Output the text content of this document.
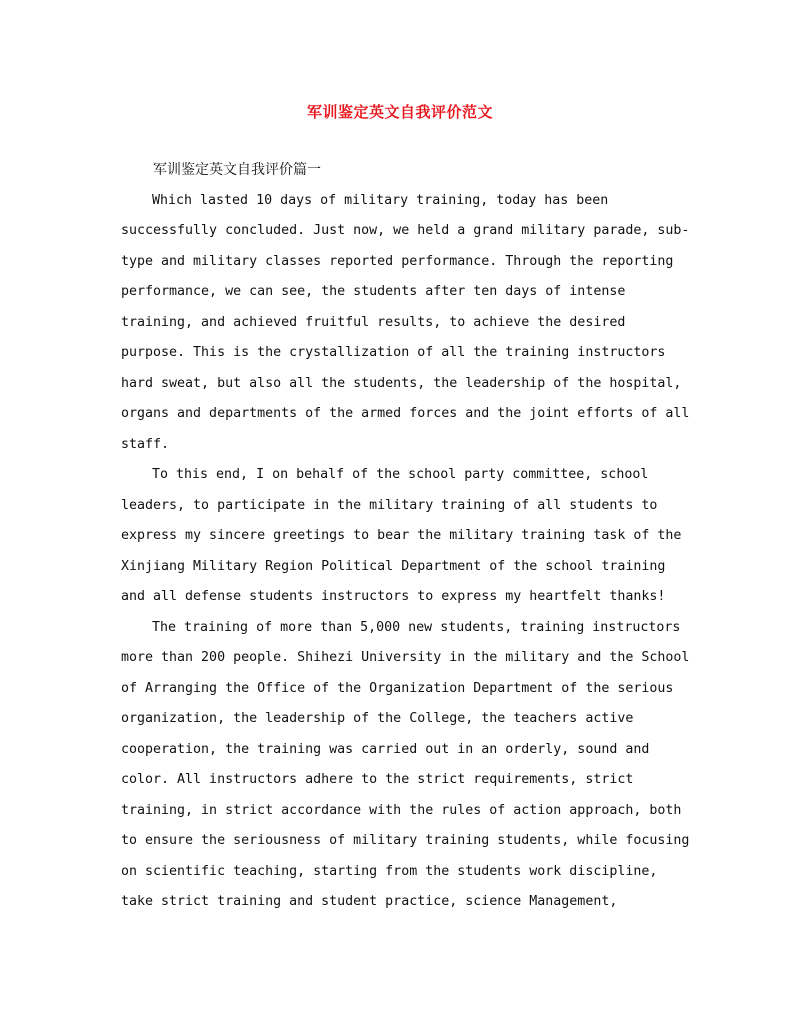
军训鉴定英文自我评价范文
军训鉴定英文自我评价篇一
Which lasted 10 days of military training, today has been
successfully concluded. Just now, we held a grand military parade, sub-
type and military classes reported performance. Through the reporting
performance, we can see, the students after ten days of intense
training, and achieved fruitful results, to achieve the desired
purpose. This is the crystallization of all the training instructors
hard sweat, but also all the students, the leadership of the hospital,
organs and departments of the armed forces and the joint efforts of all
staff.
To this end, I on behalf of the school party committee, school
leaders, to participate in the military training of all students to
express my sincere greetings to bear the military training task of the
Xinjiang Military Region Political Department of the school training
and all defense students instructors to express my heartfelt thanks!
The training of more than 5,000 new students, training instructors
more than 200 people. Shihezi University in the military and the School
of Arranging the Office of the Organization Department of the serious
organization, the leadership of the College, the teachers active
cooperation, the training was carried out in an orderly, sound and
color. All instructors adhere to the strict requirements, strict
training, in strict accordance with the rules of action approach, both
to ensure the seriousness of military training students, while focusing
on scientific teaching, starting from the students work discipline,
take strict training and student practice, science Management,
